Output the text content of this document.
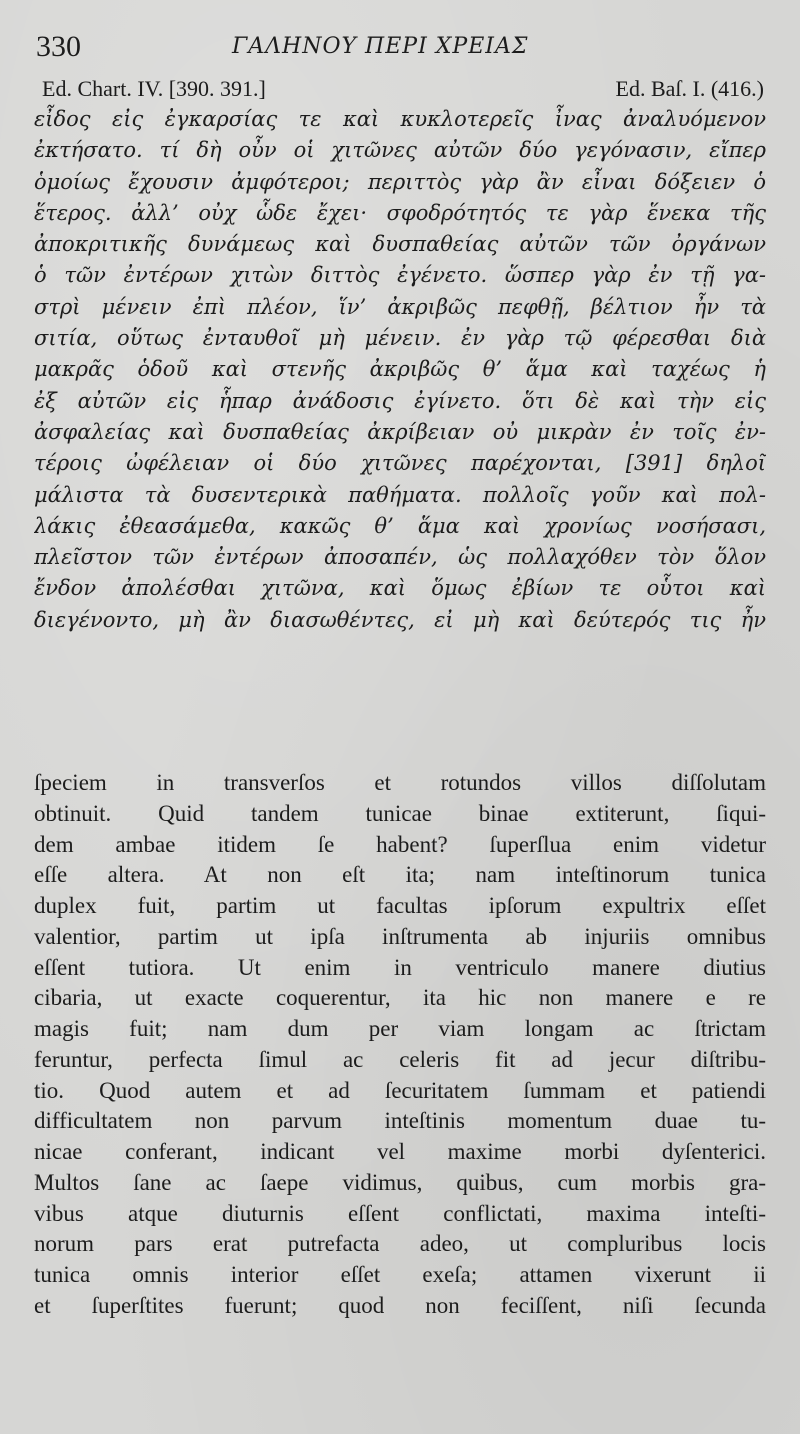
330	ΓΑΛΗΝΟΥ ΠΕΡΙ ΧΡΕΙΑΣ
Ed. Chart. IV. [390. 391.]	Ed. Baſ. I. (416.)
εἶδος εἰς ἐγκαρσίας τε καὶ κυκλοτερεῖς ἶνας ἀναλυόμενον
ἐκτήσατο. τί δὴ οὖν οἱ χιτῶνες αὐτῶν δύο γεγόνασιν, εἴπερ
ὁμοίως ἔχουσιν ἀμφότεροι; περιττὸς γὰρ ἂν εἶναι δόξειεν ὁ
ἕτερος. ἀλλ’ οὐχ ὧδε ἔχει· σφοδρότητός τε γὰρ ἕνεκα τῆς
ἀποκριτικῆς δυνάμεως καὶ δυσπαθείας αὐτῶν τῶν ὀργάνων
ὁ τῶν ἐντέρων χιτὼν διττὸς ἐγένετο. ὥσπερ γὰρ ἐν τῇ γα-
στρὶ μένειν ἐπὶ πλέον, ἵν’ ἀκριβῶς πεφθῇ, βέλτιον ἦν τὰ
σιτία, οὕτως ἐνταυθοῖ μὴ μένειν. ἐν γὰρ τῷ φέρεσθαι διὰ
μακρᾶς ὁδοῦ καὶ στενῆς ἀκριβῶς θ’ ἅμα καὶ ταχέως ἡ
ἐξ αὐτῶν εἰς ἧπαρ ἀνάδοσις ἐγίνετο. ὅτι δὲ καὶ τὴν εἰς
ἀσφαλείας καὶ δυσπαθείας ἀκρίβειαν οὐ μικρὰν ἐν τοῖς ἐν-
τέροις ὠφέλειαν οἱ δύο χιτῶνες παρέχονται, [391] δηλοῖ
μάλιστα τὰ δυσεντερικὰ παθήματα. πολλοῖς γοῦν καὶ πολ-
λάκις ἐθεασάμεθα, κακῶς θ’ ἅμα καὶ χρονίως νοσήσασι,
πλεῖστον τῶν ἐντέρων ἀποσαπέν, ὡς πολλαχόθεν τὸν ὅλον
ἔνδον ἀπολέσθαι χιτῶνα, καὶ ὅμως ἐβίων τε οὗτοι καὶ
διεγένοντο, μὴ ἂν διασωθέντες, εἰ μὴ καὶ δεύτερός τις ἦν
ſpeciem in transverſos et rotundos villos diſſolutam
obtinuit. Quid tandem tunicae binae extiterunt, ſiqui-
dem ambae itidem ſe habent? ſuperſlua enim videtur
eſſe altera. At non eſt ita; nam inteſtinorum tunica
duplex fuit, partim ut facultas ipſorum expultrix eſſet
valentior, partim ut ipſa inſtrumenta ab injuriis omnibus
eſſent tutiora. Ut enim in ventriculo manere diutius
cibaria, ut exacte coquerentur, ita hic non manere e re
magis fuit; nam dum per viam longam ac ſtrictam
feruntur, perfecta ſimul ac celeris fit ad jecur diſtribu-
tio. Quod autem et ad ſecuritatem ſummam et patiendi
difficultatem non parvum inteſtinis momentum duae tu-
nicae conferant, indicant vel maxime morbi dyſenterici.
Multos ſane ac ſaepe vidimus, quibus, cum morbis gra-
vibus atque diuturnis eſſent conflictati, maxima inteſti-
norum pars erat putrefacta adeo, ut compluribus locis
tunica omnis interior eſſet exeſa; attamen vixerunt ii
et ſuperſtites fuerunt; quod non feciſſent, niſi ſecunda
